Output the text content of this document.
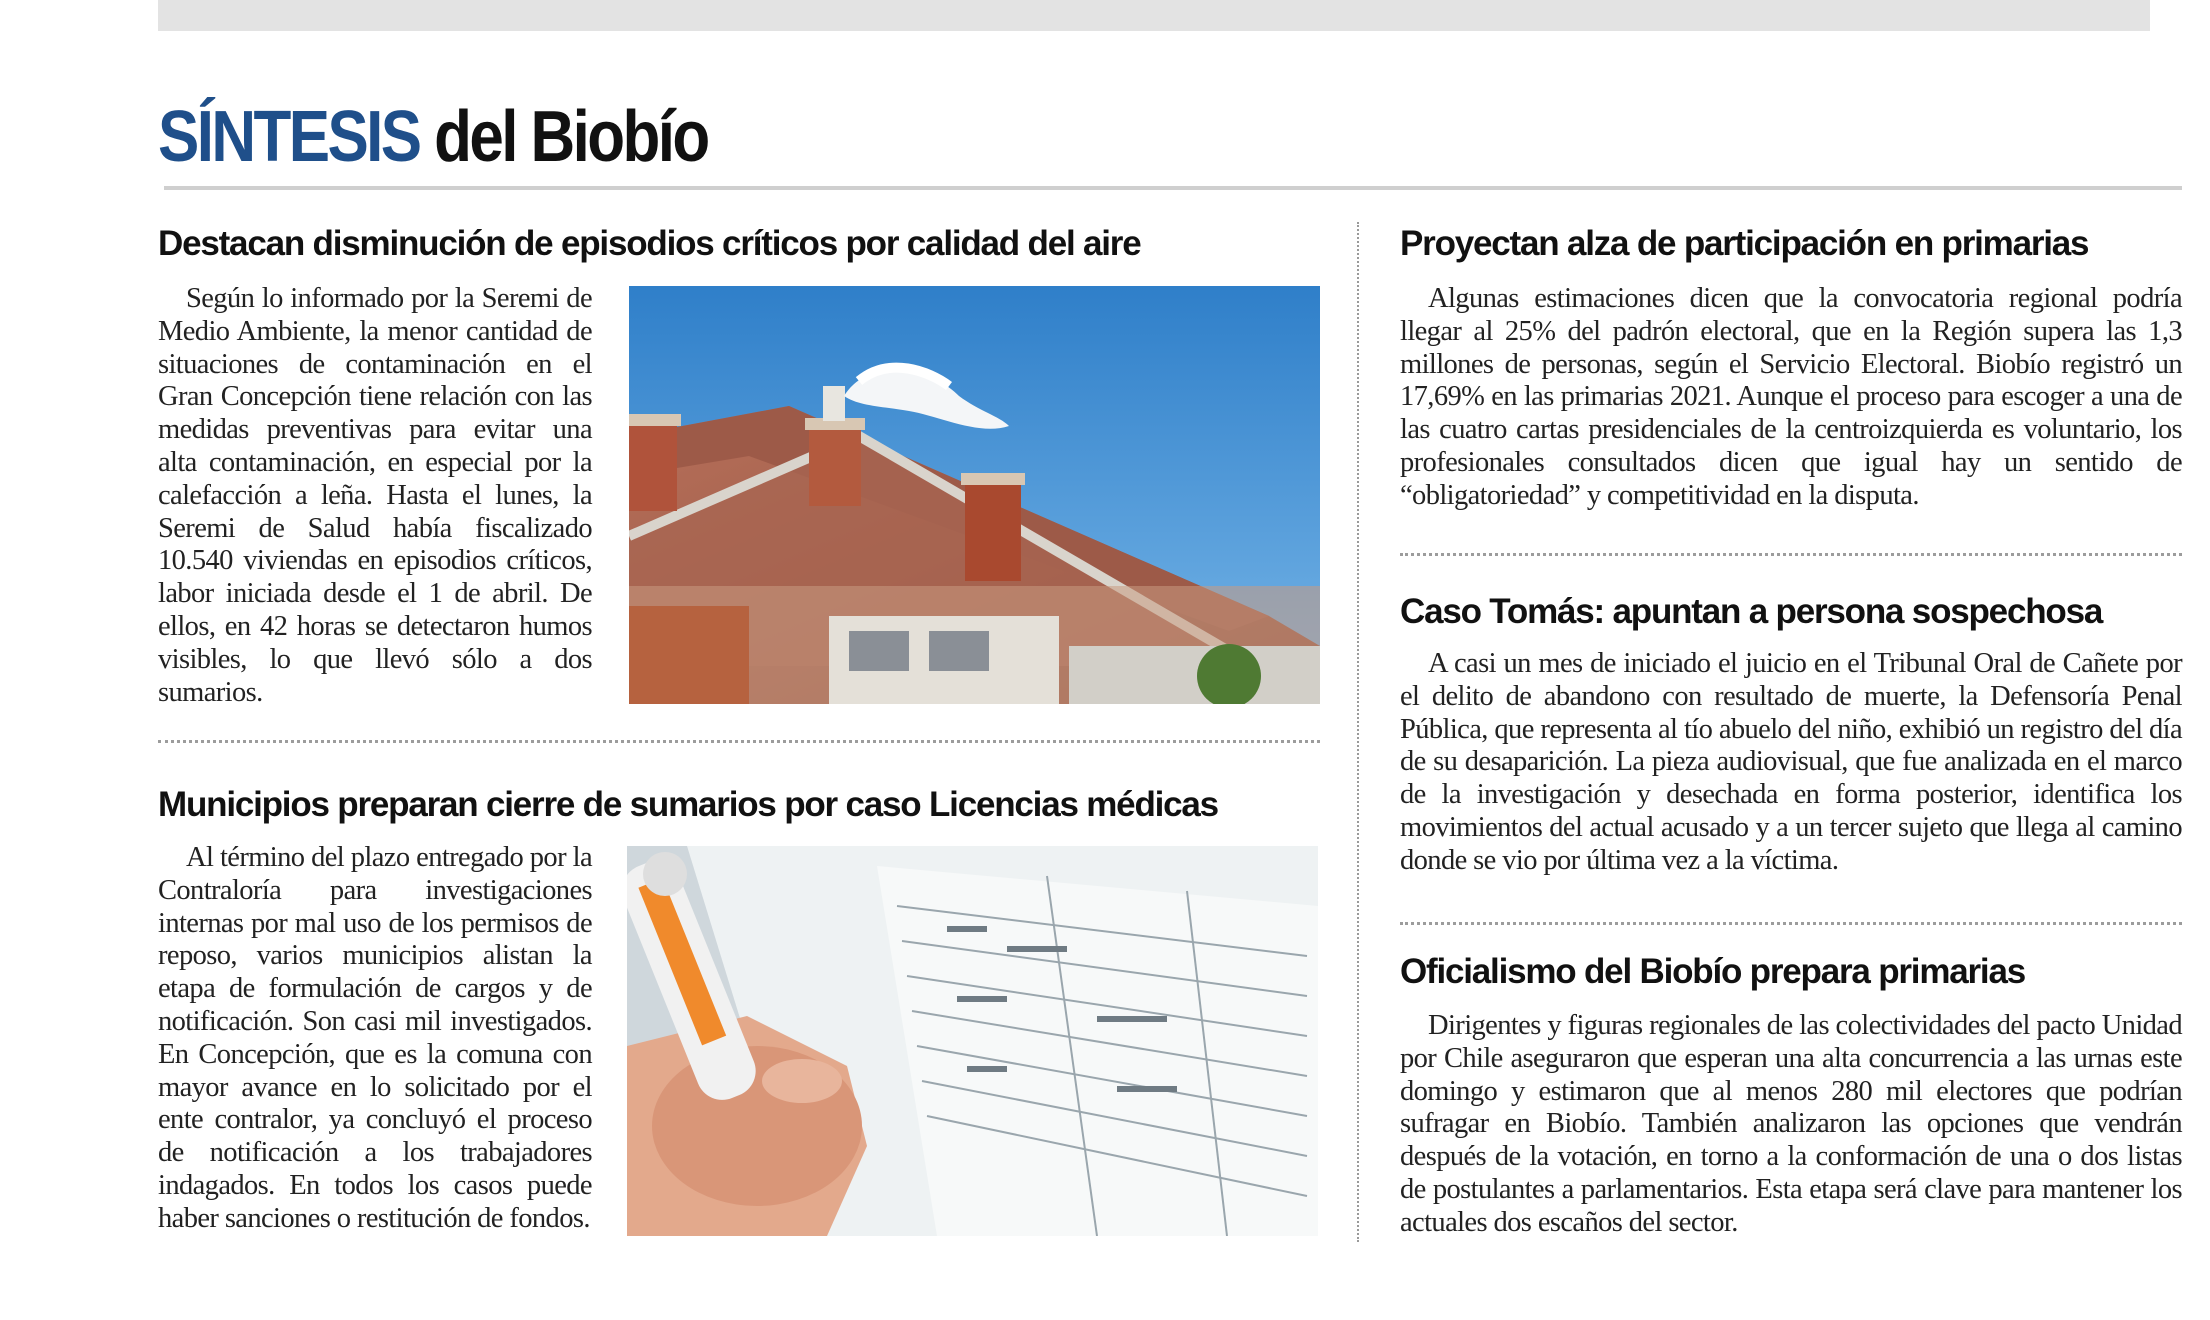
SÍNTESIS del Biobío
Destacan disminución de episodios críticos por calidad del aire

Según lo informado por la Seremi de Medio Ambiente, la menor cantidad de situaciones de contaminación en el Gran Concepción tiene relación con las medidas preventivas para evitar una alta contaminación, en especial por la calefacción a leña. Hasta el lunes, la Seremi de Salud había fiscalizado 10.540 viviendas en episodios críticos, labor iniciada desde el 1 de abril. De ellos, en 42 horas se detectaron humos visibles, lo que llevó sólo a dos sumarios.

Municipios preparan cierre de sumarios por caso Licencias médicas

Al término del plazo entregado por la Contraloría para investigaciones internas por mal uso de los permisos de reposo, varios municipios alistan la etapa de formulación de cargos y de notificación. Son casi mil investigados. En Concepción, que es la comuna con mayor avance en lo solicitado por el ente contralor, ya concluyó el proceso de notificación a los trabajadores indagados. En todos los casos puede haber sanciones o restitución de fondos.

Proyectan alza de participación en primarias

Algunas estimaciones dicen que la convocatoria regional podría llegar al 25% del padrón electoral, que en la Región supera las 1,3 millones de personas, según el Servicio Electoral. Biobío registró un 17,69% en las primarias 2021. Aunque el proceso para escoger a una de las cuatro cartas presidenciales de la centroizquierda es voluntario, los profesionales consultados dicen que igual hay un sentido de “obligatoriedad” y competitividad en la disputa.

Caso Tomás: apuntan a persona sospechosa

A casi un mes de iniciado el juicio en el Tribunal Oral de Cañete por el delito de abandono con resultado de muerte, la Defensoría Penal Pública, que representa al tío abuelo del niño, exhibió un registro del día de su desaparición. La pieza audiovisual, que fue analizada en el marco de la investigación y desechada en forma posterior, identifica los movimientos del actual acusado y a un tercer sujeto que llega al camino donde se vio por última vez a la víctima.

Oficialismo del Biobío prepara primarias

Dirigentes y figuras regionales de las colectividades del pacto Unidad por Chile aseguraron que esperan una alta concurrencia a las urnas este domingo y estimaron que al menos 280 mil electores que podrían sufragar en Biobío. También analizaron las opciones que vendrán después de la votación, en torno a la conformación de una o dos listas de postulantes a parlamentarios. Esta etapa será clave para mantener los actuales dos escaños del sector.
